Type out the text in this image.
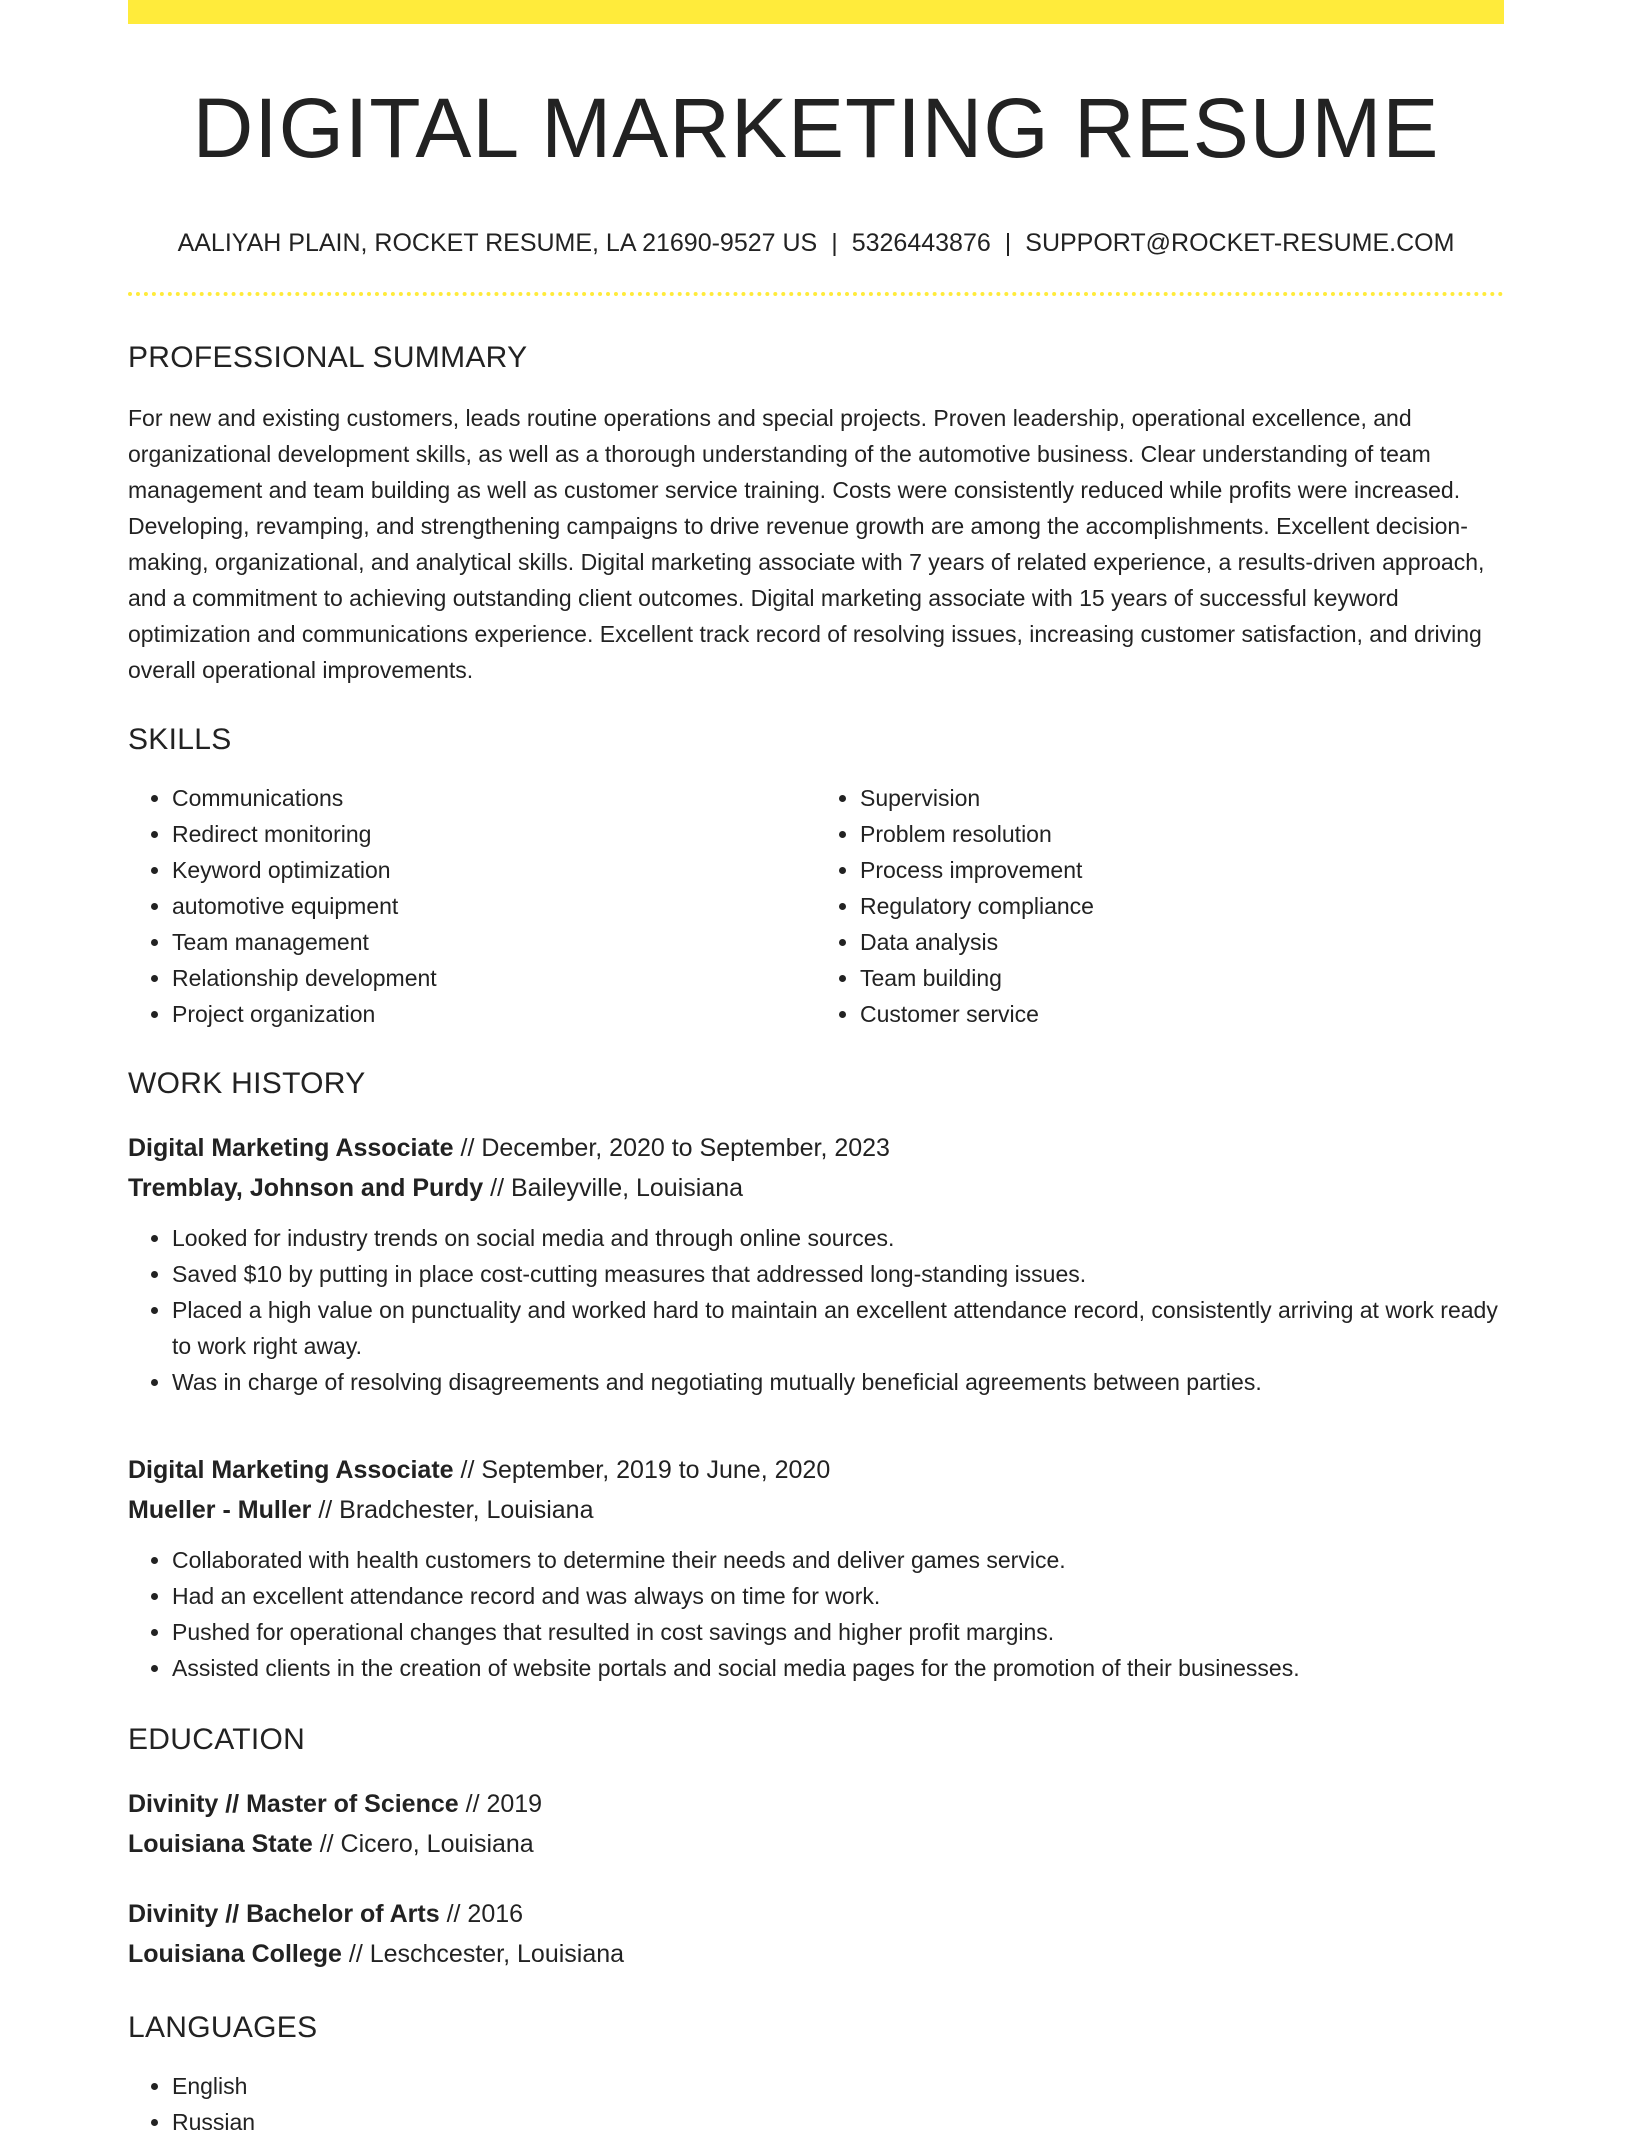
DIGITAL MARKETING RESUME
AALIYAH PLAIN, ROCKET RESUME, LA 21690-9527 US | 5326443876 | SUPPORT@ROCKET-RESUME.COM
PROFESSIONAL SUMMARY

For new and existing customers, leads routine operations and special projects. Proven leadership, operational excellence, and organizational development skills, as well as a thorough understanding of the automotive business. Clear understanding of team management and team building as well as customer service training. Costs were consistently reduced while profits were increased. Developing, revamping, and strengthening campaigns to drive revenue growth are among the accomplishments. Excellent decision-making, organizational, and analytical skills. Digital marketing associate with 7 years of related experience, a results-driven approach, and a commitment to achieving outstanding client outcomes. Digital marketing associate with 15 years of successful keyword optimization and communications experience. Excellent track record of resolving issues, increasing customer satisfaction, and driving overall operational improvements.

SKILLS
• Communications
• Redirect monitoring
• Keyword optimization
• automotive equipment
• Team management
• Relationship development
• Project organization
• Supervision
• Problem resolution
• Process improvement
• Regulatory compliance
• Data analysis
• Team building
• Customer service
WORK HISTORY
Digital Marketing Associate // December, 2020 to September, 2023
Tremblay, Johnson and Purdy // Baileyville, Louisiana
• Looked for industry trends on social media and through online sources.
• Saved $10 by putting in place cost-cutting measures that addressed long-standing issues.
• Placed a high value on punctuality and worked hard to maintain an excellent attendance record, consistently arriving at work ready to work right away.
• Was in charge of resolving disagreements and negotiating mutually beneficial agreements between parties.
Digital Marketing Associate // September, 2019 to June, 2020
Mueller - Muller // Bradchester, Louisiana
• Collaborated with health customers to determine their needs and deliver games service.
• Had an excellent attendance record and was always on time for work.
• Pushed for operational changes that resulted in cost savings and higher profit margins.
• Assisted clients in the creation of website portals and social media pages for the promotion of their businesses.
EDUCATION
Divinity // Master of Science // 2019
Louisiana State // Cicero, Louisiana
Divinity // Bachelor of Arts // 2016
Louisiana College // Leschcester, Louisiana
LANGUAGES
• English
• Russian
